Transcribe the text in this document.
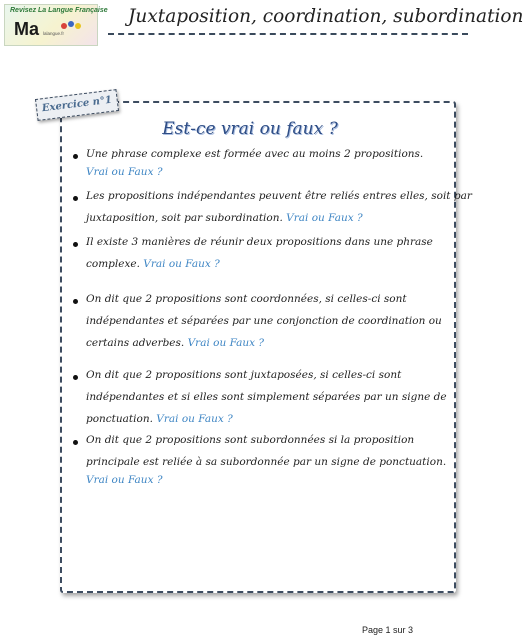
Revisez La Langue Française
Ma lalangue.fr
Juxtaposition, coordination, subordination
Exercice n°1
Est-ce vrai ou faux ?
Une phrase complexe est formée avec au moins 2 propositions.
Vrai ou Faux ?
Les propositions indépendantes peuvent être reliés entres elles, soit par
juxtaposition, soit par subordination. Vrai ou Faux ?
Il existe 3 manières de réunir deux propositions dans une phrase
complexe. Vrai ou Faux ?
On dit que 2 propositions sont coordonnées, si celles-ci sont
indépendantes et séparées par une conjonction de coordination ou
certains adverbes. Vrai ou Faux ?
On dit que 2 propositions sont juxtaposées, si celles-ci sont
indépendantes et si elles sont simplement séparées par un signe de
ponctuation. Vrai ou Faux ?
On dit que 2 propositions sont subordonnées si la proposition
principale est reliée à sa subordonnée par un signe de ponctuation.
Vrai ou Faux ?
Page 1 sur 3
